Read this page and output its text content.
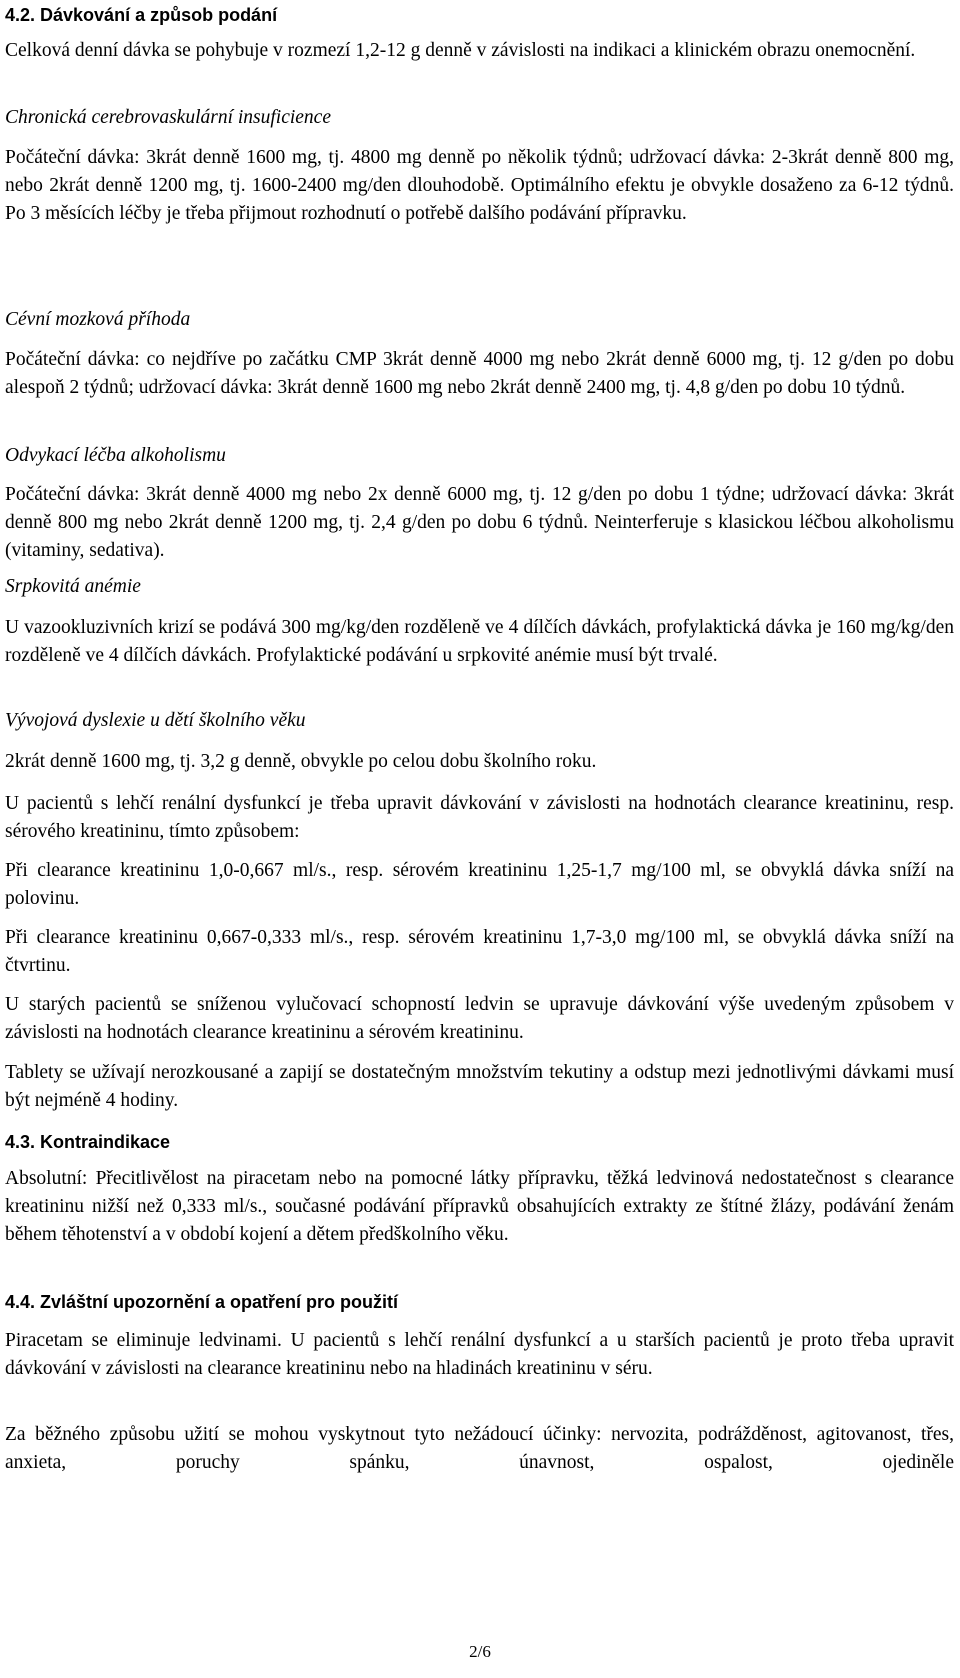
4.2. Dávkování a způsob podání

Celková denní dávka se pohybuje v rozmezí 1,2-12 g denně v závislosti na indikaci a klinickém obrazu onemocnění.

Chronická cerebrovaskulární insuficience

Počáteční dávka: 3krát denně 1600 mg, tj. 4800 mg denně po několik týdnů; udržovací dávka: 2-3krát denně 800 mg, nebo 2krát denně 1200 mg, tj. 1600-2400 mg/den dlouhodobě. Optimálního efektu je obvykle dosaženo za 6-12 týdnů. Po 3 měsících léčby je třeba přijmout rozhodnutí o potřebě dalšího podávání přípravku.

Cévní mozková příhoda

Počáteční dávka: co nejdříve po začátku CMP 3krát denně 4000 mg nebo 2krát denně 6000 mg, tj. 12 g/den po dobu alespoň 2 týdnů; udržovací dávka: 3krát denně 1600 mg nebo 2krát denně 2400 mg, tj. 4,8 g/den po dobu 10 týdnů.

Odvykací léčba alkoholismu

Počáteční dávka: 3krát denně 4000 mg nebo 2x denně 6000 mg, tj. 12 g/den po dobu 1 týdne; udržovací dávka: 3krát denně 800 mg nebo 2krát denně 1200 mg, tj. 2,4 g/den po dobu 6 týdnů. Neinterferuje s klasickou léčbou alkoholismu (vitaminy, sedativa).

Srpkovitá anémie

U vazookluzivních krizí se podává 300 mg/kg/den rozděleně ve 4 dílčích dávkách, profylaktická dávka je 160 mg/kg/den rozděleně ve 4 dílčích dávkách. Profylaktické podávání u srpkovité anémie musí být trvalé.

Vývojová dyslexie u dětí školního věku

2krát denně 1600 mg, tj. 3,2 g denně, obvykle po celou dobu školního roku.

U pacientů s lehčí renální dysfunkcí je třeba upravit dávkování v závislosti na hodnotách clearance kreatininu, resp. sérového kreatininu, tímto způsobem:

Při clearance kreatininu 1,0-0,667 ml/s., resp. sérovém kreatininu 1,25-1,7 mg/100 ml, se obvyklá dávka sníží na polovinu.

Při clearance kreatininu 0,667-0,333 ml/s., resp. sérovém kreatininu 1,7-3,0 mg/100 ml, se obvyklá dávka sníží na čtvrtinu.

U starých pacientů se sníženou vylučovací schopností ledvin se upravuje dávkování výše uvedeným způsobem v závislosti na hodnotách clearance kreatininu a sérovém kreatininu.

Tablety se užívají nerozkousané a zapijí se dostatečným množstvím tekutiny a odstup mezi jednotlivými dávkami musí být nejméně 4 hodiny.

4.3. Kontraindikace

Absolutní: Přecitlivělost na piracetam nebo na pomocné látky přípravku, těžká ledvinová nedostatečnost s clearance kreatininu nižší než 0,333 ml/s., současné podávání přípravků obsahujících extrakty ze štítné žlázy, podávání ženám během těhotenství a v období kojení a dětem předškolního věku.

4.4. Zvláštní upozornění a opatření pro použití

Piracetam se eliminuje ledvinami. U pacientů s lehčí renální dysfunkcí a u starších pacientů je proto třeba upravit dávkování v závislosti na clearance kreatininu nebo na hladinách kreatininu v séru.

Za běžného způsobu užití se mohou vyskytnout tyto nežádoucí účinky: nervozita, podrážděnost, agitovanost, třes, anxieta, poruchy spánku, únavnost, ospalost, ojediněle

2/6
